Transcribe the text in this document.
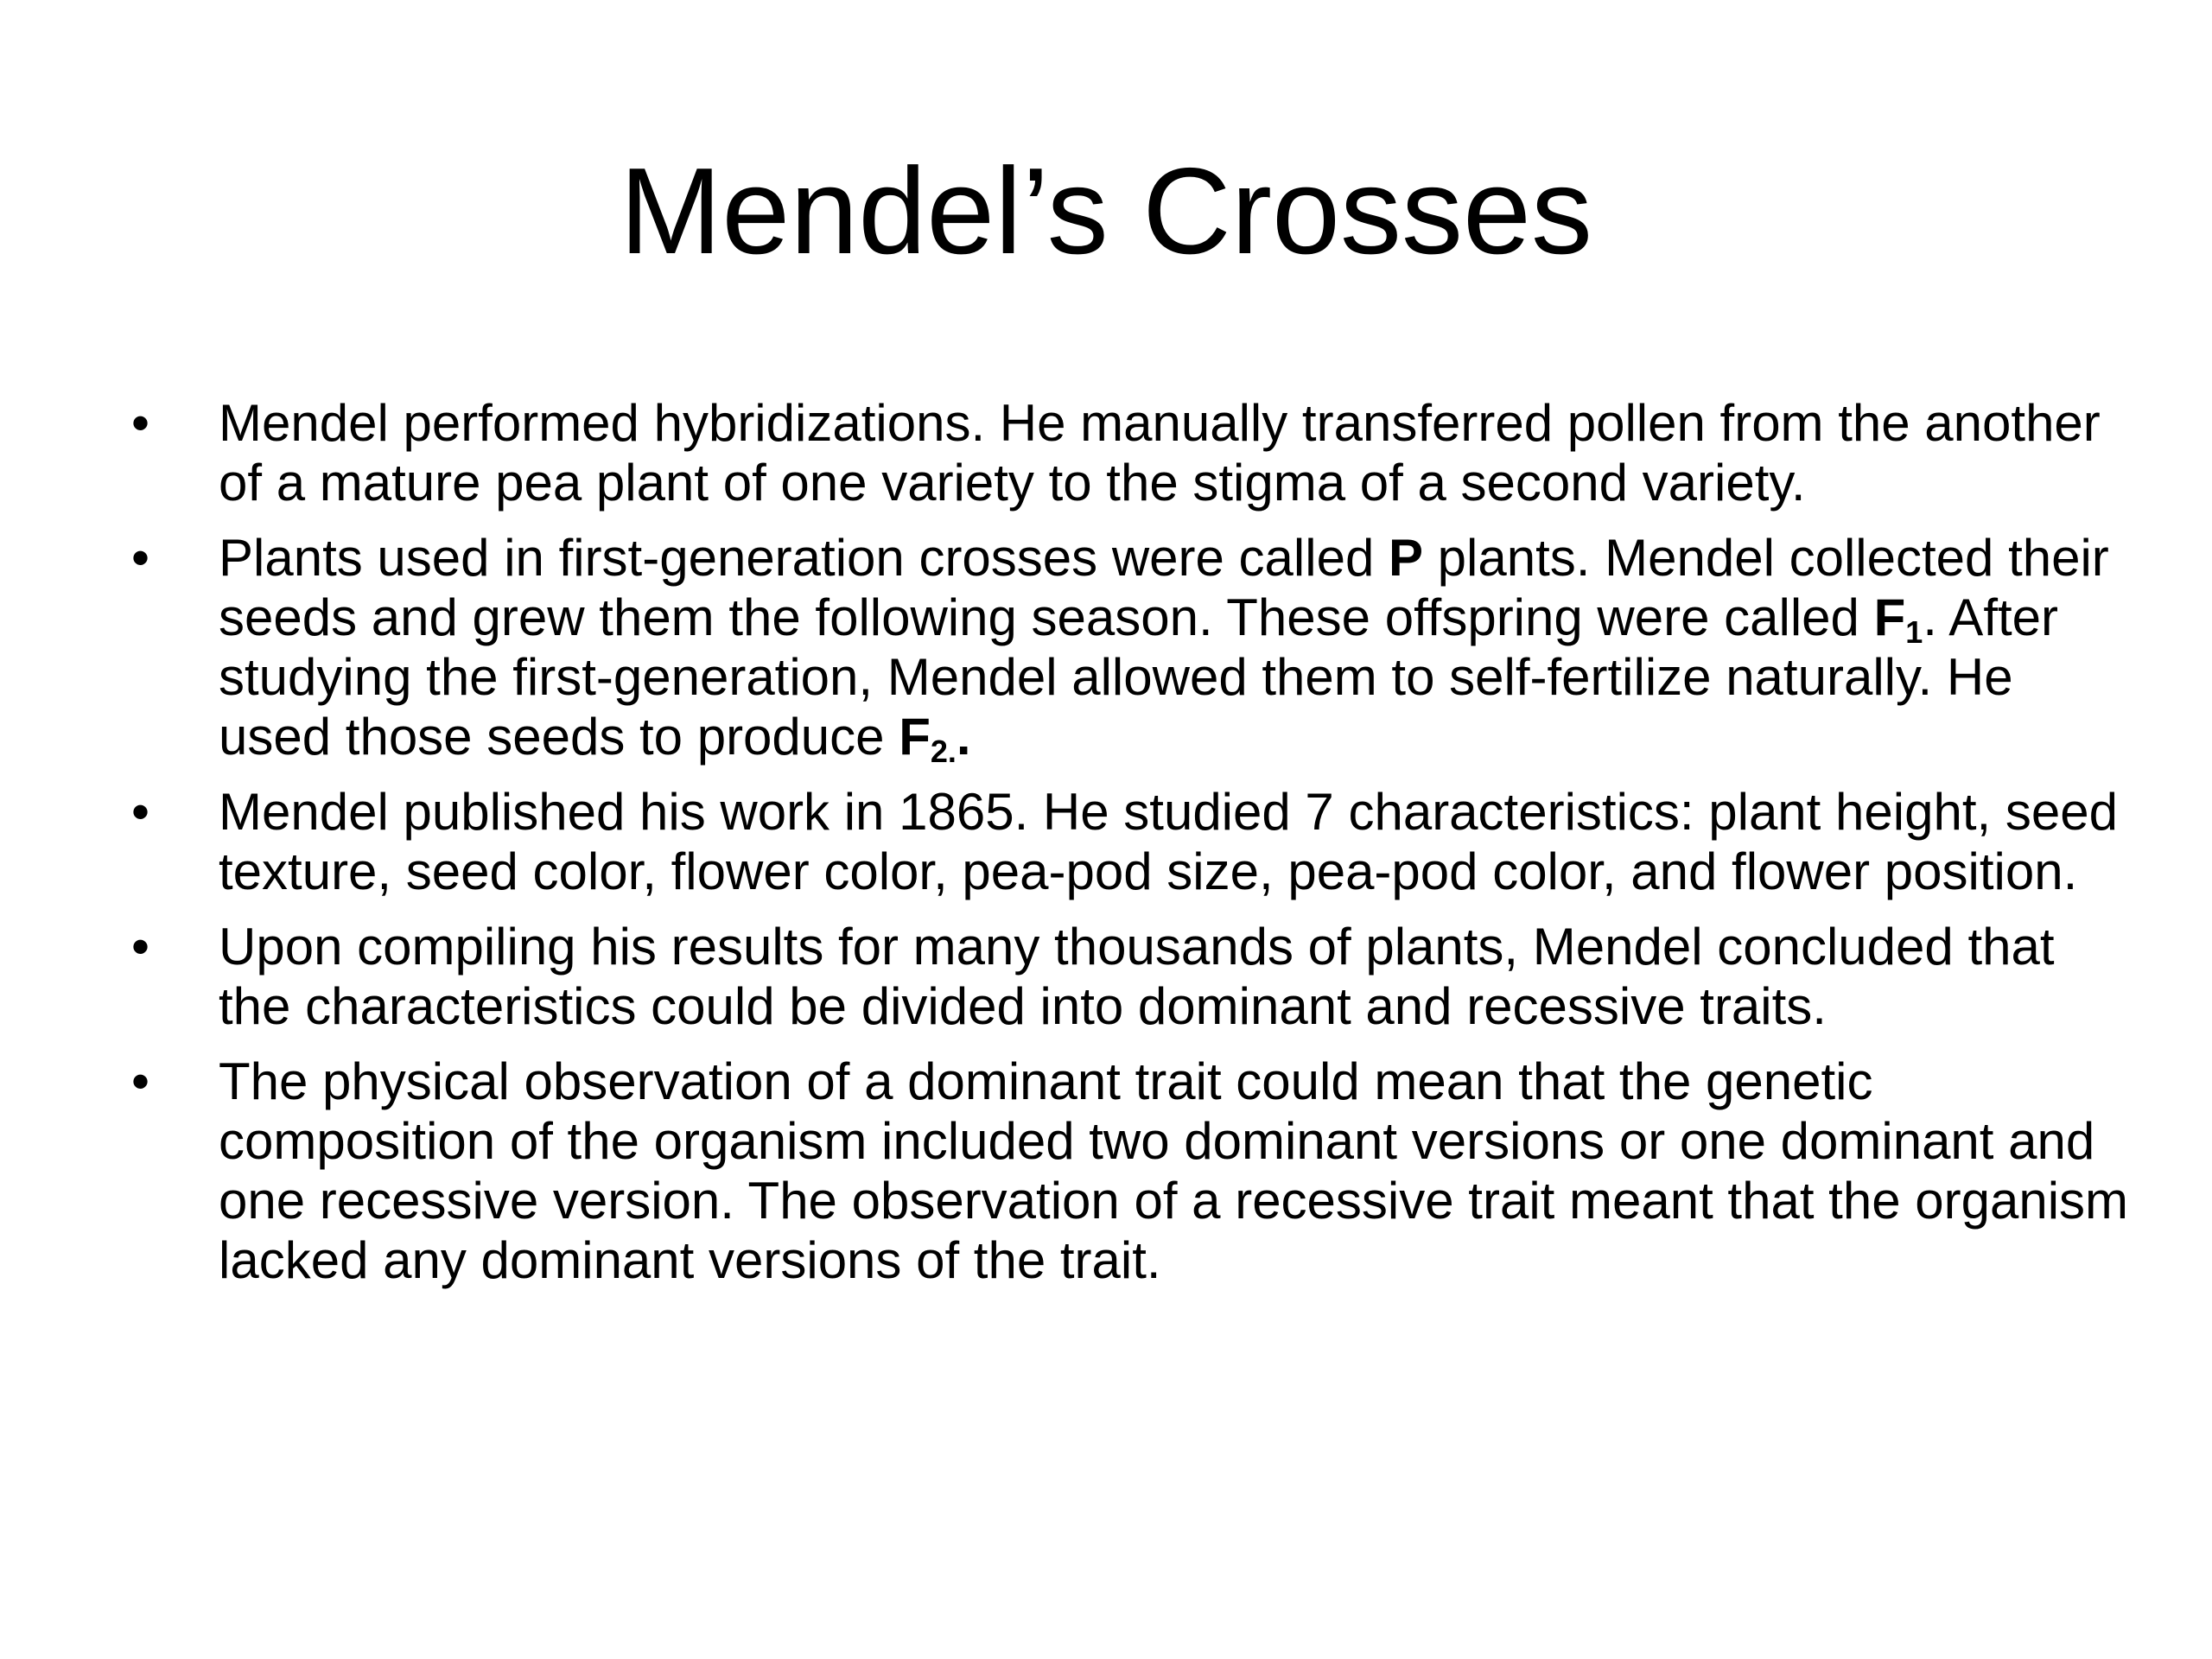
Mendel’s Crosses
•	Mendel performed hybridizations. He manually transferred pollen from the another of a mature pea plant of one variety to the stigma of a second variety.
•	Plants used in first-generation crosses were called P plants. Mendel collected their seeds and grew them the following season. These offspring were called $F_1$. After studying the first-generation, Mendel allowed them to self-fertilize naturally. He used those seeds to produce $F_{2.}$.
•	Mendel published his work in 1865. He studied 7 characteristics: plant height, seed texture, seed color, flower color, pea-pod size, pea-pod color, and flower position.
•	Upon compiling his results for many thousands of plants, Mendel concluded that the characteristics could be divided into dominant and recessive traits.
•	The physical observation of a dominant trait could mean that the genetic composition of the organism included two dominant versions or one dominant and one recessive version. The observation of a recessive trait meant that the organism lacked any dominant versions of the trait.
